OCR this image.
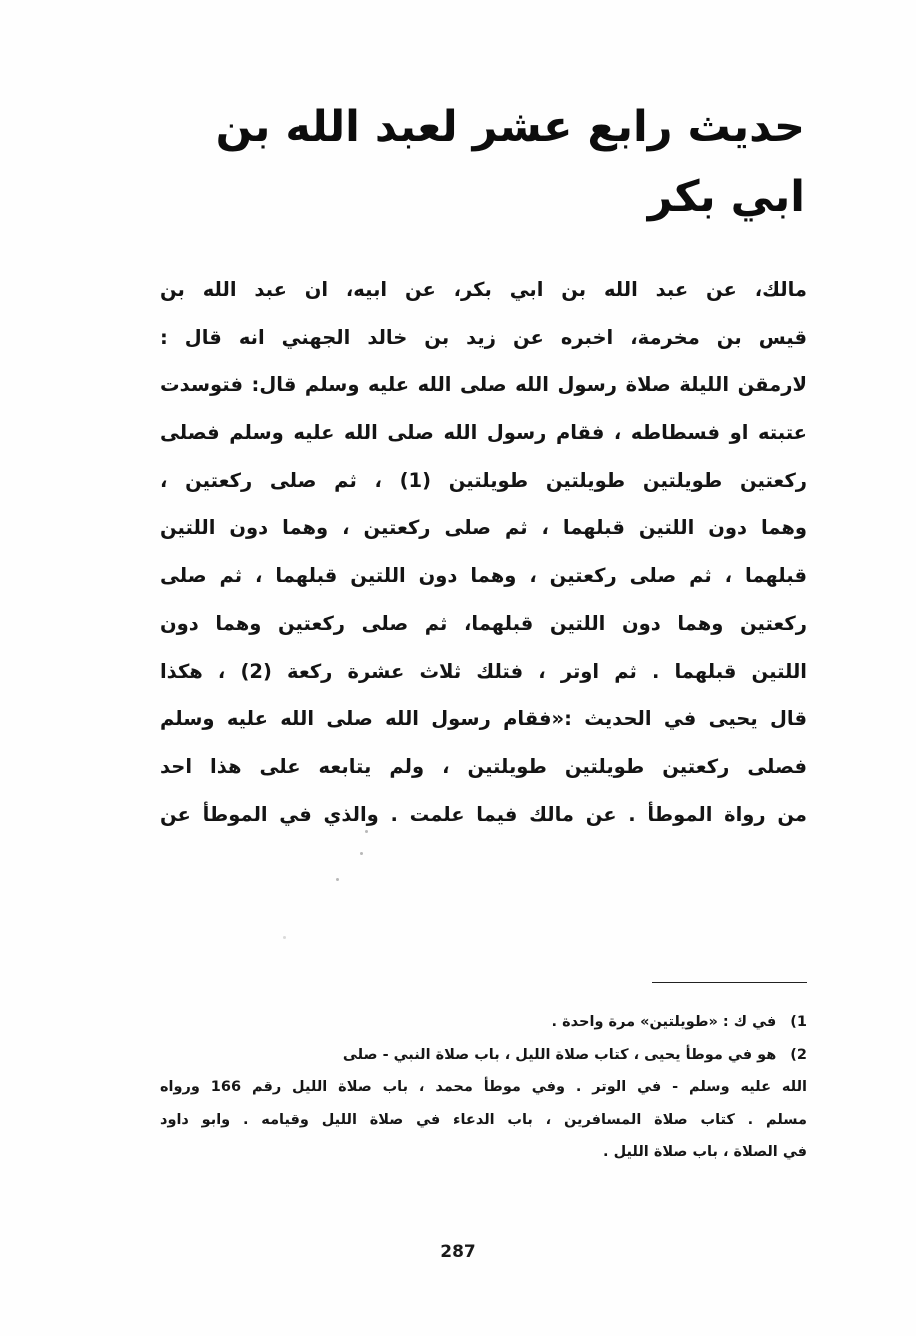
حديث رابع عشر لعبد الله بن
ابي بكر
مالك، عن عبد الله بن ابي بكر، عن ابيه، ان عبد الله بن
قيس بن مخرمة، اخبره عن زيد بن خالد الجهني انه قال :
لارمقن الليلة صلاة رسول الله صلى الله عليه وسلم قال: فتوسدت
عتبته او فسطاطه ، فقام رسول الله صلى الله عليه وسلم فصلى
ركعتين طويلتين طويلتين طويلتين (1) ، ثم صلى ركعتين ،
وهما دون اللتين قبلهما ، ثم صلى ركعتين ، وهما دون اللتين
قبلهما ، ثم صلى ركعتين ، وهما دون اللتين قبلهما ، ثم صلى
ركعتين وهما دون اللتين قبلهما، ثم صلى ركعتين وهما دون
اللتين قبلهما . ثم اوتر ، فتلك ثلاث عشرة ركعة (2) ، هكذا
قال يحيى في الحديث :«فقام رسول الله صلى الله عليه وسلم
فصلى ركعتين طويلتين طويلتين ، ولم يتابعه على هذا احد
من رواة الموطأ . عن مالك فيما علمت . والذي في الموطأ عن
1)في ك : «طويلتين» مرة واحدة .
2)هو في موطأ يحيى ، كتاب صلاة الليل ، باب صلاة النبي - صلى
الله عليه وسلم - في الوتر . وفي موطأ محمد ، باب صلاة الليل رقم 166 ورواه
مسلم . كتاب صلاة المسافرين ، باب الدعاء في صلاة الليل وقيامه . وابو داود
في الصلاة ، باب صلاة الليل .
287
